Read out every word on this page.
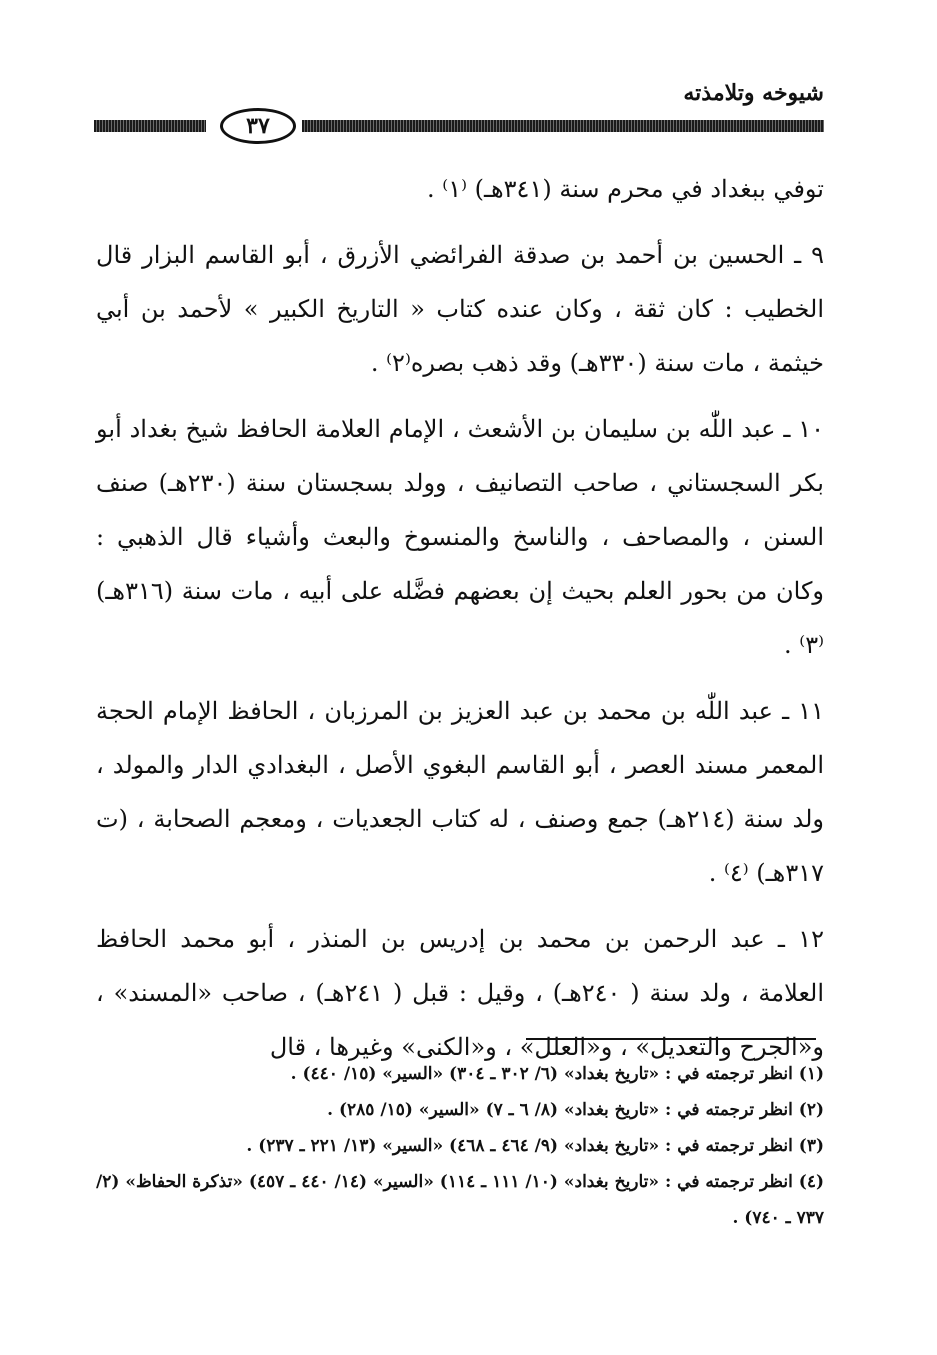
شيوخه وتلامذته
٣٧

توفي ببغداد في محرم سنة (٣٤١هـ) ⁽١⁾ .

٩ ـ الحسين بن أحمد بن صدقة الفرائضي الأزرق ، أبو القاسم البزار قال الخطيب : كان ثقة ، وكان عنده كتاب « التاريخ الكبير » لأحمد بن أبي خيثمة ، مات سنة (٣٣٠هـ) وقد ذهب بصره⁽٢⁾ .

١٠ ـ عبد اللّٰه بن سليمان بن الأشعث ، الإمام العلامة الحافظ شيخ بغداد أبو بكر السجستاني ، صاحب التصانيف ، وولد بسجستان سنة (٢٣٠هـ) صنف السنن ، والمصاحف ، والناسخ والمنسوخ والبعث وأشياء قال الذهبي : وكان من بحور العلم بحيث إن بعضهم فضَّله على أبيه ، مات سنة (٣١٦هـ) ⁽٣⁾ .

١١ ـ عبد اللّٰه بن محمد بن عبد العزيز بن المرزبان ، الحافظ الإمام الحجة المعمر مسند العصر ، أبو القاسم البغوي الأصل ، البغدادي الدار والمولد ، ولد سنة (٢١٤هـ) جمع وصنف ، له كتاب الجعديات ، ومعجم الصحابة ، (ت ٣١٧هـ) ⁽٤⁾ .

١٢ ـ عبد الرحمن بن محمد بن إدريس بن المنذر ، أبو محمد الحافظ العلامة ، ولد سنة ( ٢٤٠هـ) ، وقيل : قبل ( ٢٤١هـ) ، صاحب «المسند» ، و«الجرح والتعديل» ، و«العلل» ، و«الكنى» وغيرها ، قال

(١) انظر ترجمته في : «تاريخ بغداد» (٦/ ٣٠٢ ـ ٣٠٤) «السير» (١٥/ ٤٤٠) .

(٢) انظر ترجمته في : «تاريخ بغداد» (٨/ ٦ ـ ٧) «السير» (١٥/ ٢٨٥) .

(٣) انظر ترجمته في : «تاريخ بغداد» (٩/ ٤٦٤ ـ ٤٦٨) «السير» (١٣/ ٢٢١ ـ ٢٣٧) .

(٤) انظر ترجمته في : «تاريخ بغداد» (١٠/ ١١١ ـ ١١٤) «السير» (١٤/ ٤٤٠ ـ ٤٥٧) «تذكرة الحفاظ» (٢/ ٧٣٧ ـ ٧٤٠) .
